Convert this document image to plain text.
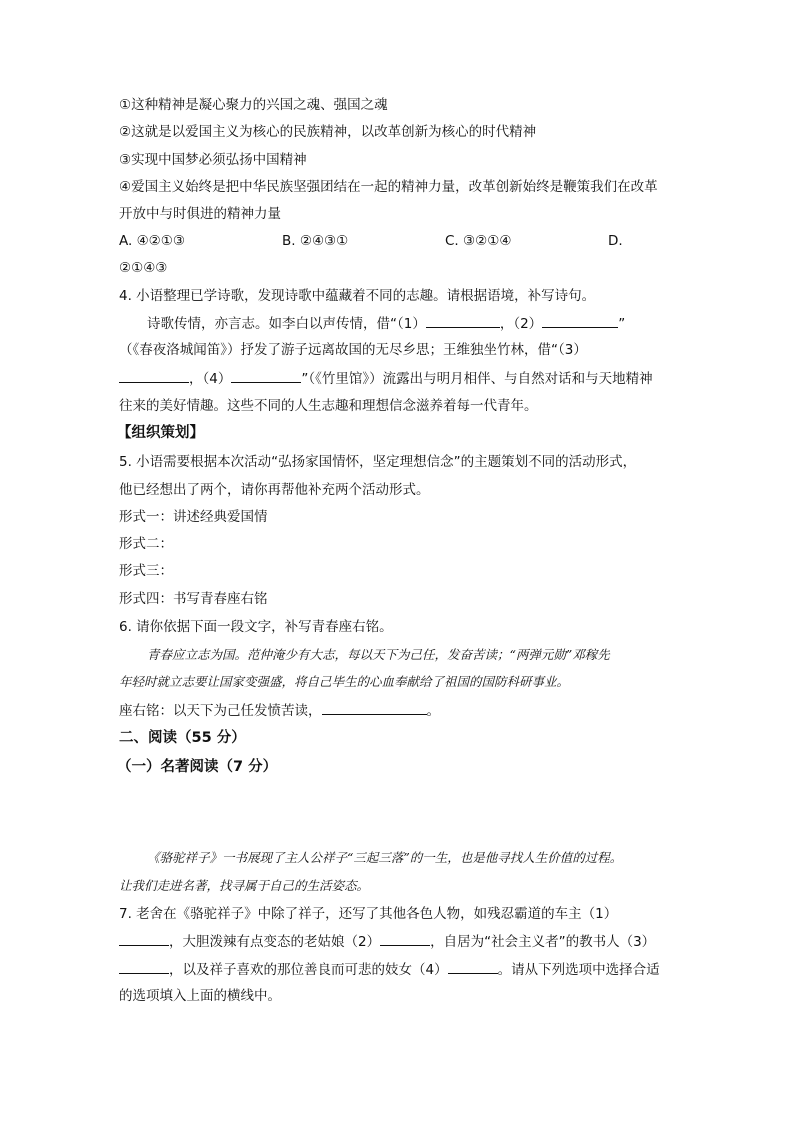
①这种精神是凝心聚力的兴国之魂、强国之魂
②这就是以爱国主义为核心的民族精神，以改革创新为核心的时代精神
③实现中国梦必须弘扬中国精神
④爱国主义始终是把中华民族坚强团结在一起的精神力量，改革创新始终是鞭策我们在改革
开放中与时俱进的精神力量
A. ④②①③	B. ②④③①	C. ③②①④	D.
②①④③
4. 小语整理已学诗歌，发现诗歌中蕴藏着不同的志趣。请根据语境，补写诗句。
诗歌传情，亦言志。如李白以声传情，借“（1）	，（2）	”
（《春夜洛城闻笛》）抒发了游子远离故国的无尽乡思；王维独坐竹林，借“（3）
，（4）	”（《竹里馆》）流露出与明月相伴、与自然对话和与天地精神
往来的美好情趣。这些不同的人生志趣和理想信念滋养着每一代青年。
【组织策划】
5. 小语需要根据本次活动“弘扬家国情怀，坚定理想信念”的主题策划不同的活动形式，
他已经想出了两个，请你再帮他补充两个活动形式。
形式一：讲述经典爱国情
形式二：
形式三：
形式四：书写青春座右铭
6. 请你依据下面一段文字，补写青春座右铭。
青春应立志为国。范仲淹少有大志，每以天下为己任，发奋苦读；“两弹元勋”邓稼先
年轻时就立志要让国家变强盛，将自己毕生的心血奉献给了祖国的国防科研事业。
座右铭：以天下为己任发愤苦读，	。
二、阅读（55 分）
（一）名著阅读（7 分）
《骆驼祥子》一书展现了主人公祥子“三起三落”的一生，也是他寻找人生价值的过程。
让我们走进名著，找寻属于自己的生活姿态。
7. 老舍在《骆驼祥子》中除了祥子，还写了其他各色人物，如残忍霸道的车主（1）
，大胆泼辣有点变态的老姑娘（2）	，自居为“社会主义者”的教书人（3）
，以及祥子喜欢的那位善良而可悲的妓女（4）	。请从下列选项中选择合适
的选项填入上面的横线中。
